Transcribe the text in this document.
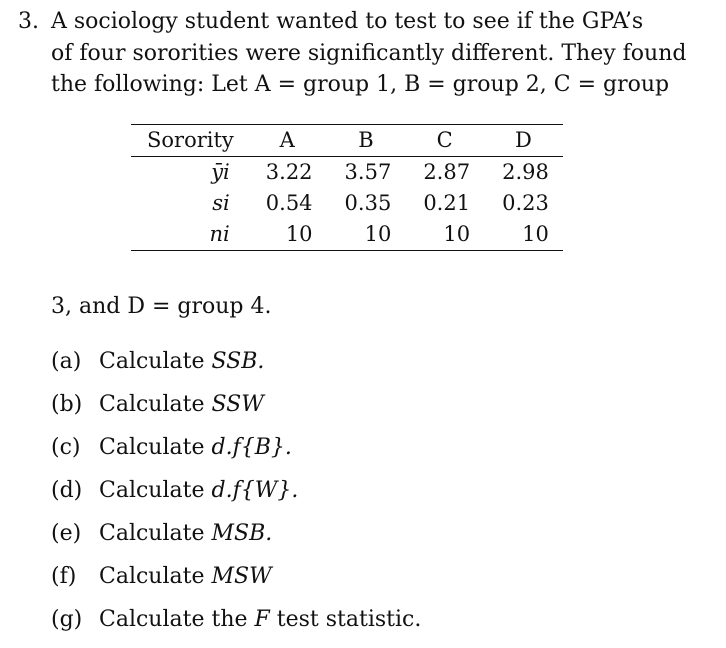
3. A sociology student wanted to test to see if the GPA’s
of four sororities were significantly different. They found
the following: Let A = group 1, B = group 2, C = group
Sorority	A	B	C	D
ȳi	3.22	3.57	2.87	2.98
si	0.54	0.35	0.21	0.23
ni	10	10	10	10
3, and D = group 4.
(a) Calculate SSB.
(b) Calculate SSW
(c) Calculate d.f{B}.
(d) Calculate d.f{W}.
(e) Calculate MSB.
(f) Calculate MSW
(g) Calculate the F test statistic.
